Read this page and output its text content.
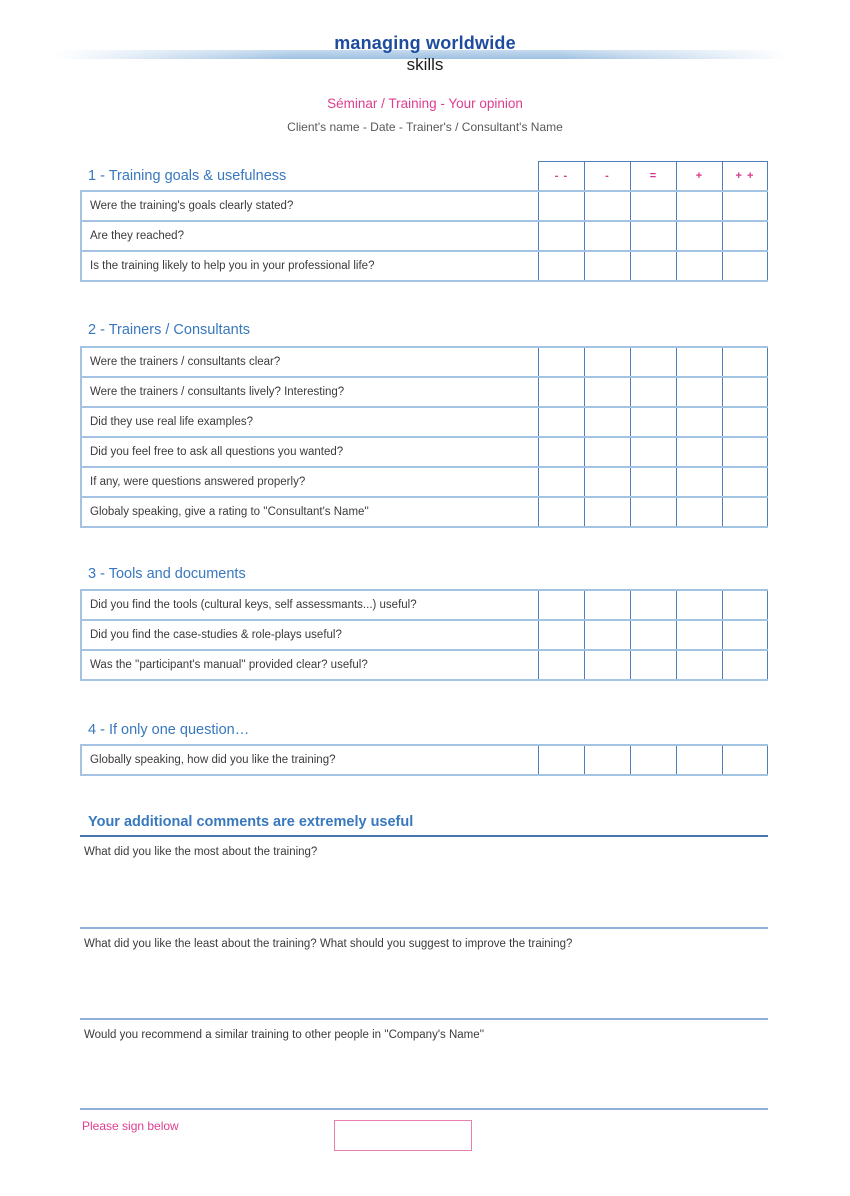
managing worldwide
skills
Séminar / Training - Your opinion
Client's name - Date - Trainer's / Consultant's Name
1 - Training goals & usefulness	- -	-	=	+	+ +
Were the training's goals clearly stated?
Are they reached?
Is the training likely to help you in your professional life?
2 - Trainers / Consultants
Were the trainers / consultants clear?
Were the trainers / consultants lively? Interesting?
Did they use real life examples?
Did you feel free to ask all questions you wanted?
If any, were questions answered properly?
Globaly speaking, give a rating to ''Consultant's Name''
3 - Tools and documents
Did you find the tools (cultural keys, self assessmants...) useful?
Did you find the case-studies & role-plays useful?
Was the ''participant's manual'' provided clear? useful?
4 - If only one question…
Globally speaking, how did you like the training?
Your additional comments are extremely useful
What did you like the most about the training?
What did you like the least about the training? What should you suggest to improve the training?
Would you recommend a similar training to other people in ''Company's Name''
Please sign below
